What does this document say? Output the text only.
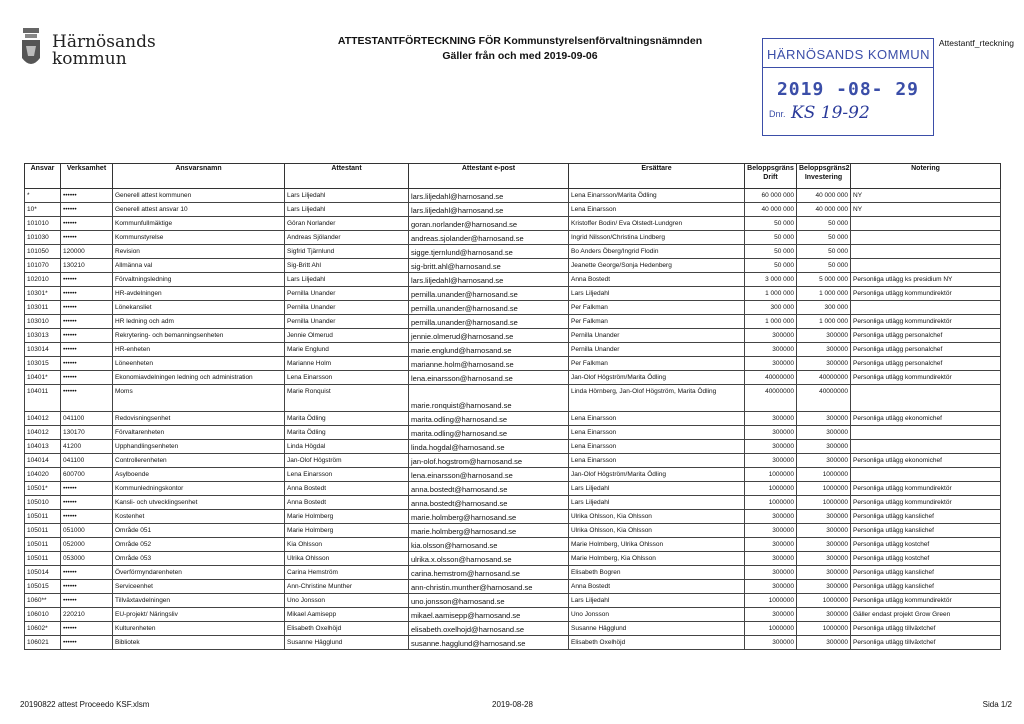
Härnösands
kommun
ATTESTANTFÖRTECKNING FÖR Kommunstyrelsenförvaltningsnämnden
Gäller från och med 2019-09-06
Attestantf_rteckning
HÄRNÖSANDS KOMMUN
2019 -08- 29
Dnr. KS 19-92
Ansvar	Verksamhet	Ansvarsnamn	Attestant	Attestant e-post	Ersättare	Beloppsgräns Drift	Beloppsgräns2 Investering	Notering
*	••••••	Generell attest kommunen	Lars Liljedahl	lars.liljedahl@harnosand.se	Lena Einarsson/Marita Ödling	60 000 000	40 000 000	NY
10*	••••••	Generell attest ansvar 10	Lars Liljedahl	lars.liljedahl@harnosand.se	Lena Einarsson	40 000 000	40 000 000	NY
101010	••••••	Kommunfullmäktige	Göran Norlander	goran.norlander@harnosand.se	Kristoffer Bodin/ Eva Olstedt-Lundgren	50 000	50 000	
101030	••••••	Kommunstyrelse	Andreas Sjölander	andreas.sjolander@harnosand.se	Ingrid Nilsson/Christina Lindberg	50 000	50 000	
101050	120000	Revision	Sigfrid Tjärnlund	sigge.tjernlund@harnosand.se	Bo Anders Öberg/Ingrid Flodin	50 000	50 000	
101070	130210	Allmänna val	Sig-Britt Ahl	sig-britt.ahl@harnosand.se	Jeanette George/Sonja Hedenberg	50 000	50 000	
102010	••••••	Förvaltningsledning	Lars Liljedahl	lars.liljedahl@harnosand.se	Anna Bostedt	3 000 000	5 000 000	Personliga utlägg ks presidium NY
10301*	••••••	HR-avdelningen	Pernilla Unander	pernilla.unander@harnosand.se	Lars Liljedahl	1 000 000	1 000 000	Personliga utlägg kommundirektör
103011	••••••	Lönekansliet	Pernilla Unander	pernilla.unander@harnosand.se	Per Falkman	300 000	300 000	
103010	••••••	HR ledning och adm	Pernilla Unander	pernilla.unander@harnosand.se	Per Falkman	1 000 000	1 000 000	Personliga utlägg kommundirektör
103013	••••••	Rekrytering- och bemanningsenheten	Jennie Olmerud	jennie.olmerud@harnosand.se	Pernilla Unander	300000	300000	Personliga utlägg personalchef
103014	••••••	HR-enheten	Marie Englund	marie.englund@harnosand.se	Pernilla Unander	300000	300000	Personliga utlägg personalchef
103015	••••••	Löneenheten	Marianne Holm	marianne.holm@harnosand.se	Per Falkman	300000	300000	Personliga utlägg personalchef
10401*	••••••	Ekonomiavdelningen ledning och administration	Lena Einarsson	lena.einarsson@harnosand.se	Jan-Olof Högström/Marita Ödling	40000000	40000000	Personliga utlägg kommundirektör
104011	••••••	Moms	Marie Ronquist	marie.ronquist@harnosand.se	Linda Hörnberg, Jan-Olof Högström, Marita Ödling	40000000	40000000	
104012	041100	Redovisningsenhet	Marita Ödling	marita.odling@harnosand.se	Lena Einarsson	300000	300000	Personliga utlägg ekonomichef
104012	130170	Förvaltarenheten	Marita Ödling	marita.odling@harnosand.se	Lena Einarsson	300000	300000	
104013	41200	Upphandlingsenheten	Linda Högdal	linda.hogdal@harnosand.se	Lena Einarsson	300000	300000	
104014	041100	Controllerenheten	Jan-Olof Högström	jan-olof.hogstrom@harnosand.se	Lena Einarsson	300000	300000	Personliga utlägg ekonomichef
104020	600700	Asylboende	Lena Einarsson	lena.einarsson@harnosand.se	Jan-Olof Högström/Marita Ödling	1000000	1000000	
10501*	••••••	Kommunledningskontor	Anna Bostedt	anna.bostedt@harnosand.se	Lars Liljedahl	1000000	1000000	Personliga utlägg kommundirektör
105010	••••••	Kansli- och utvecklingsenhet	Anna Bostedt	anna.bostedt@harnosand.se	Lars Liljedahl	1000000	1000000	Personliga utlägg kommundirektör
105011	••••••	Kostenhet	Marie Holmberg	marie.holmberg@harnosand.se	Ulrika Ohlsson, Kia Ohlsson	300000	300000	Personliga utlägg kanslichef
105011	051000	Område 051	Marie Holmberg	marie.holmberg@harnosand.se	Ulrika Ohlsson, Kia Ohlsson	300000	300000	Personliga utlägg kanslichef
105011	052000	Område 052	Kia Ohlsson	kia.olsson@harnosand.se	Marie Holmberg, Ulrika Ohlsson	300000	300000	Personliga utlägg kostchef
105011	053000	Område 053	Ulrika Ohlsson	ulrika.x.olsson@harnosand.se	Marie Holmberg, Kia Ohlsson	300000	300000	Personliga utlägg kostchef
105014	••••••	Överförmyndarenheten	Carina Hemström	carina.hemstrom@harnosand.se	Elisabeth Bogren	300000	300000	Personliga utlägg kanslichef
105015	••••••	Serviceenhet	Ann-Christine Munther	ann-christin.munther@harnosand.se	Anna Bostedt	300000	300000	Personliga utlägg kanslichef
1060**	••••••	Tillväxtavdelningen	Uno Jonsson	uno.jonsson@harnosand.se	Lars Liljedahl	1000000	1000000	Personliga utlägg kommundirektör
106010	220210	EU-projekt/ Näringsliv	Mikael Aamisepp	mikael.aamisepp@harnosand.se	Uno Jonsson	300000	300000	Gäller endast projekt Grow Green
10602*	••••••	Kulturenheten	Elisabeth Oxelhöjd	elisabeth.oxelhojd@harnosand.se	Susanne Hägglund	1000000	1000000	Personliga utlägg tillväxtchef
106021	••••••	Bibliotek	Susanne Hägglund	susanne.hagglund@harnosand.se	Elisabeth Oxelhöjd	300000	300000	Personliga utlägg tillväxtchef
20190822 attest Proceedo KSF.xlsm	2019-08-28	Sida 1/2
